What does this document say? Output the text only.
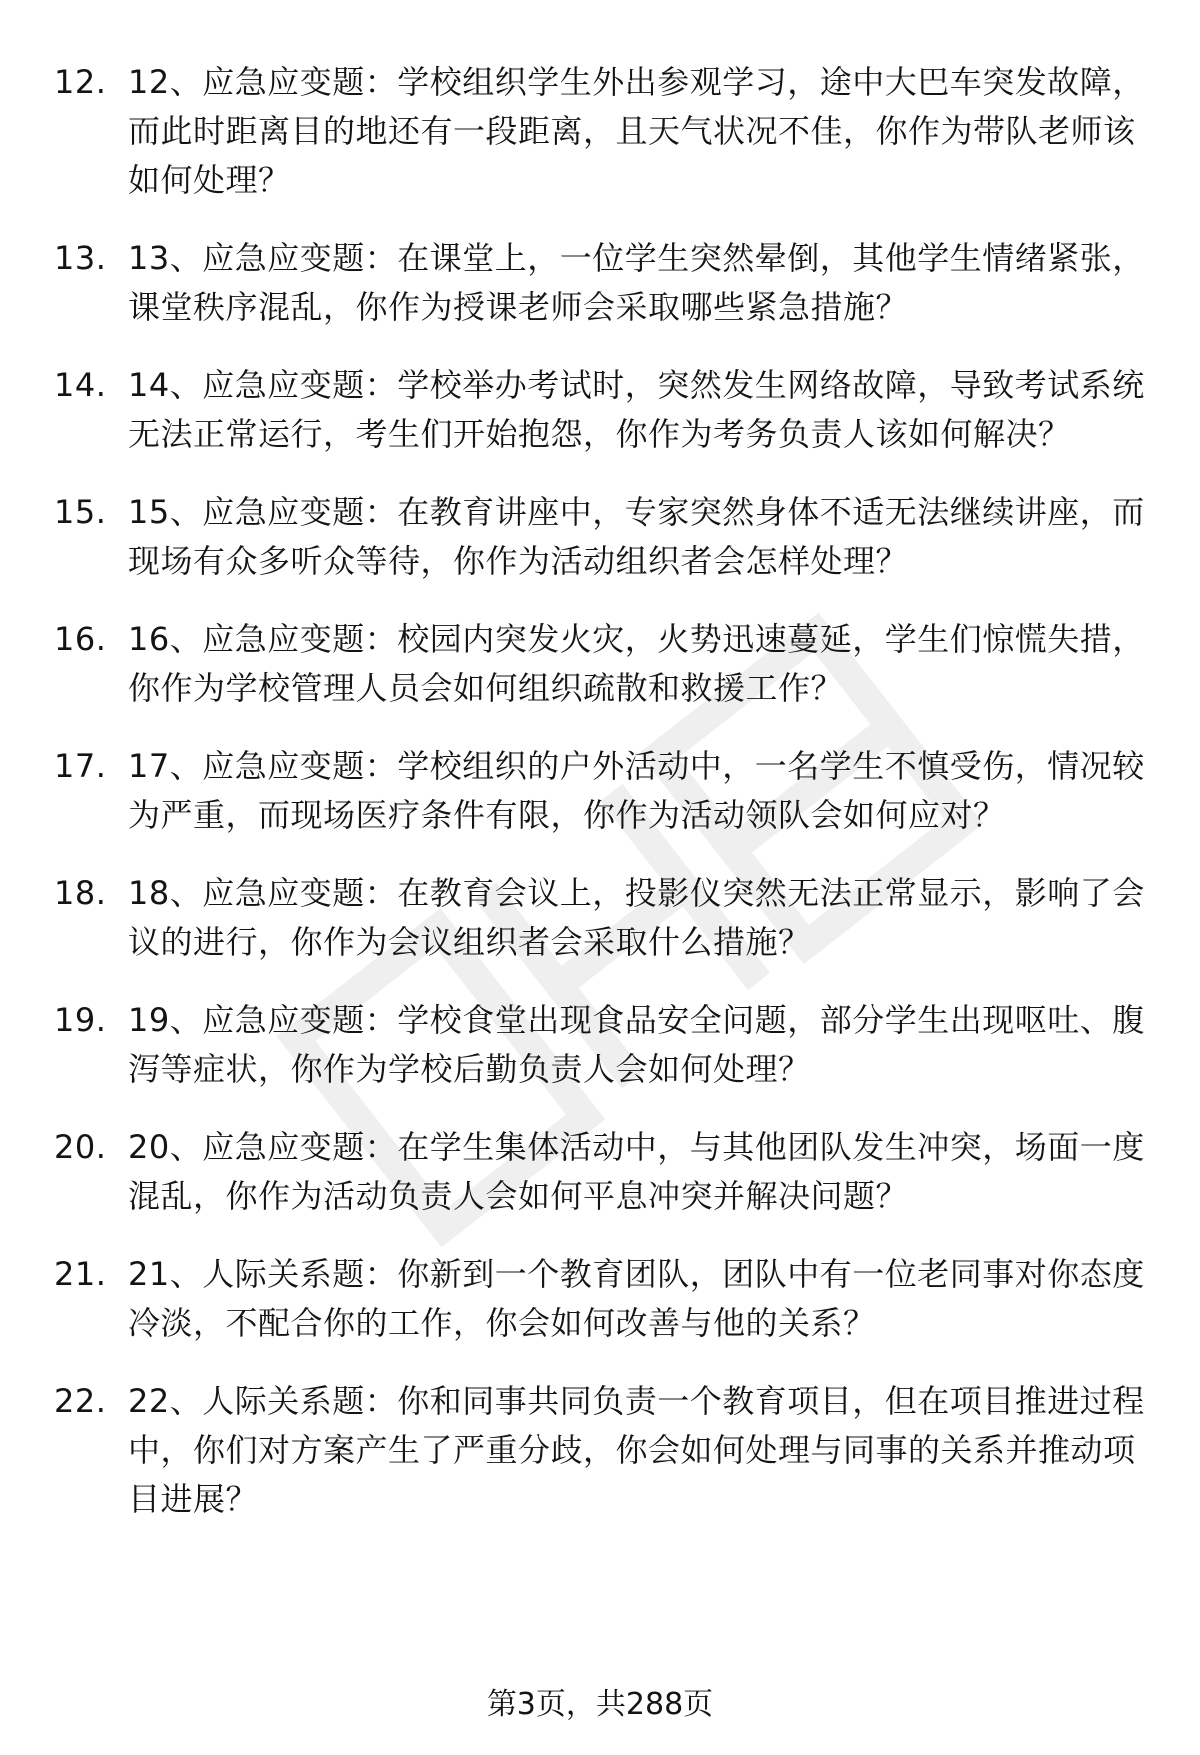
12. 12、应急应变题：学校组织学生外出参观学习，途中大巴车突发故障，而此时距离目的地还有一段距离，且天气状况不佳，你作为带队老师该如何处理？
13. 13、应急应变题：在课堂上，一位学生突然晕倒，其他学生情绪紧张，课堂秩序混乱，你作为授课老师会采取哪些紧急措施？
14. 14、应急应变题：学校举办考试时，突然发生网络故障，导致考试系统无法正常运行，考生们开始抱怨，你作为考务负责人该如何解决？
15. 15、应急应变题：在教育讲座中，专家突然身体不适无法继续讲座，而现场有众多听众等待，你作为活动组织者会怎样处理？
16. 16、应急应变题：校园内突发火灾，火势迅速蔓延，学生们惊慌失措，你作为学校管理人员会如何组织疏散和救援工作？
17. 17、应急应变题：学校组织的户外活动中，一名学生不慎受伤，情况较为严重，而现场医疗条件有限，你作为活动领队会如何应对？
18. 18、应急应变题：在教育会议上，投影仪突然无法正常显示，影响了会议的进行，你作为会议组织者会采取什么措施？
19. 19、应急应变题：学校食堂出现食品安全问题，部分学生出现呕吐、腹泻等症状，你作为学校后勤负责人会如何处理？
20. 20、应急应变题：在学生集体活动中，与其他团队发生冲突，场面一度混乱，你作为活动负责人会如何平息冲突并解决问题？
21. 21、人际关系题：你新到一个教育团队，团队中有一位老同事对你态度冷淡，不配合你的工作，你会如何改善与他的关系？
22. 22、人际关系题：你和同事共同负责一个教育项目，但在项目推进过程中，你们对方案产生了严重分歧，你会如何处理与同事的关系并推动项目进展？
第3页，共288页
